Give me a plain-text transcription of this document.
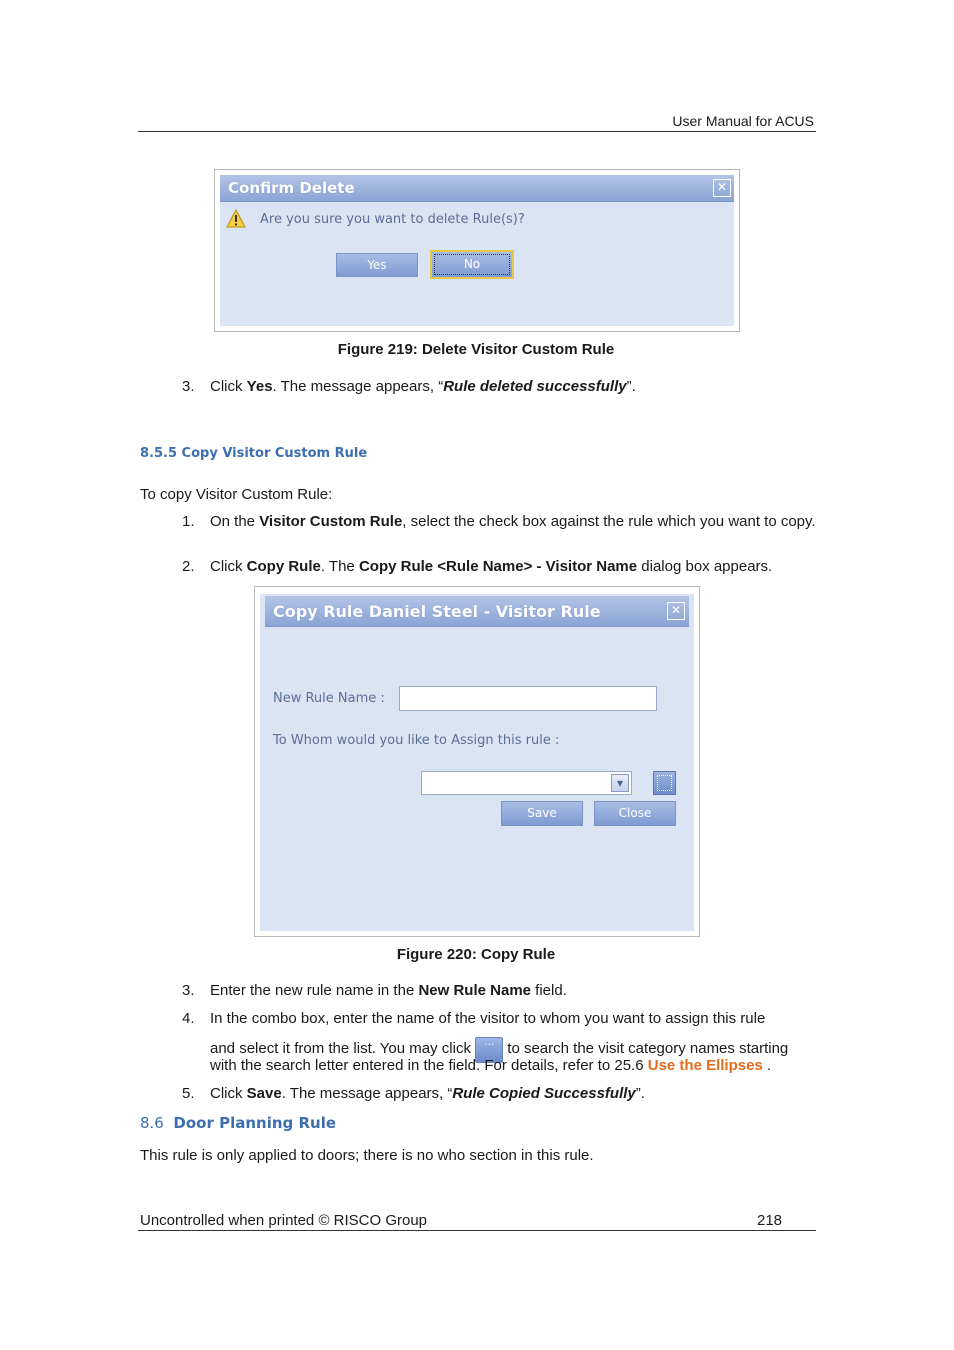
User Manual for ACUS
Confirm Delete	✕
Are you sure you want to delete Rule(s)?
Yes	No
Figure 219: Delete Visitor Custom Rule
3. Click Yes. The message appears, “Rule deleted successfully”.
8.5.5 Copy Visitor Custom Rule
To copy Visitor Custom Rule:
1. On the Visitor Custom Rule, select the check box against the rule which you want to copy.
2. Click Copy Rule. The Copy Rule <Rule Name> - Visitor Name dialog box appears.
Copy Rule Daniel Steel - Visitor Rule	✕
New Rule Name :
To Whom would you like to Assign this rule :
▾
Save	Close
Figure 220: Copy Rule
3. Enter the new rule name in the New Rule Name field.
4. In the combo box, enter the name of the visitor to whom you want to assign this rule
and select it from the list. You may click ··· to search the visit category names starting
with the search letter entered in the field. For details, refer to 25.6 Use the Ellipses .
5. Click Save. The message appears, “Rule Copied Successfully”.
8.6 Door Planning Rule
This rule is only applied to doors; there is no who section in this rule.
Uncontrolled when printed © RISCO Group	218
